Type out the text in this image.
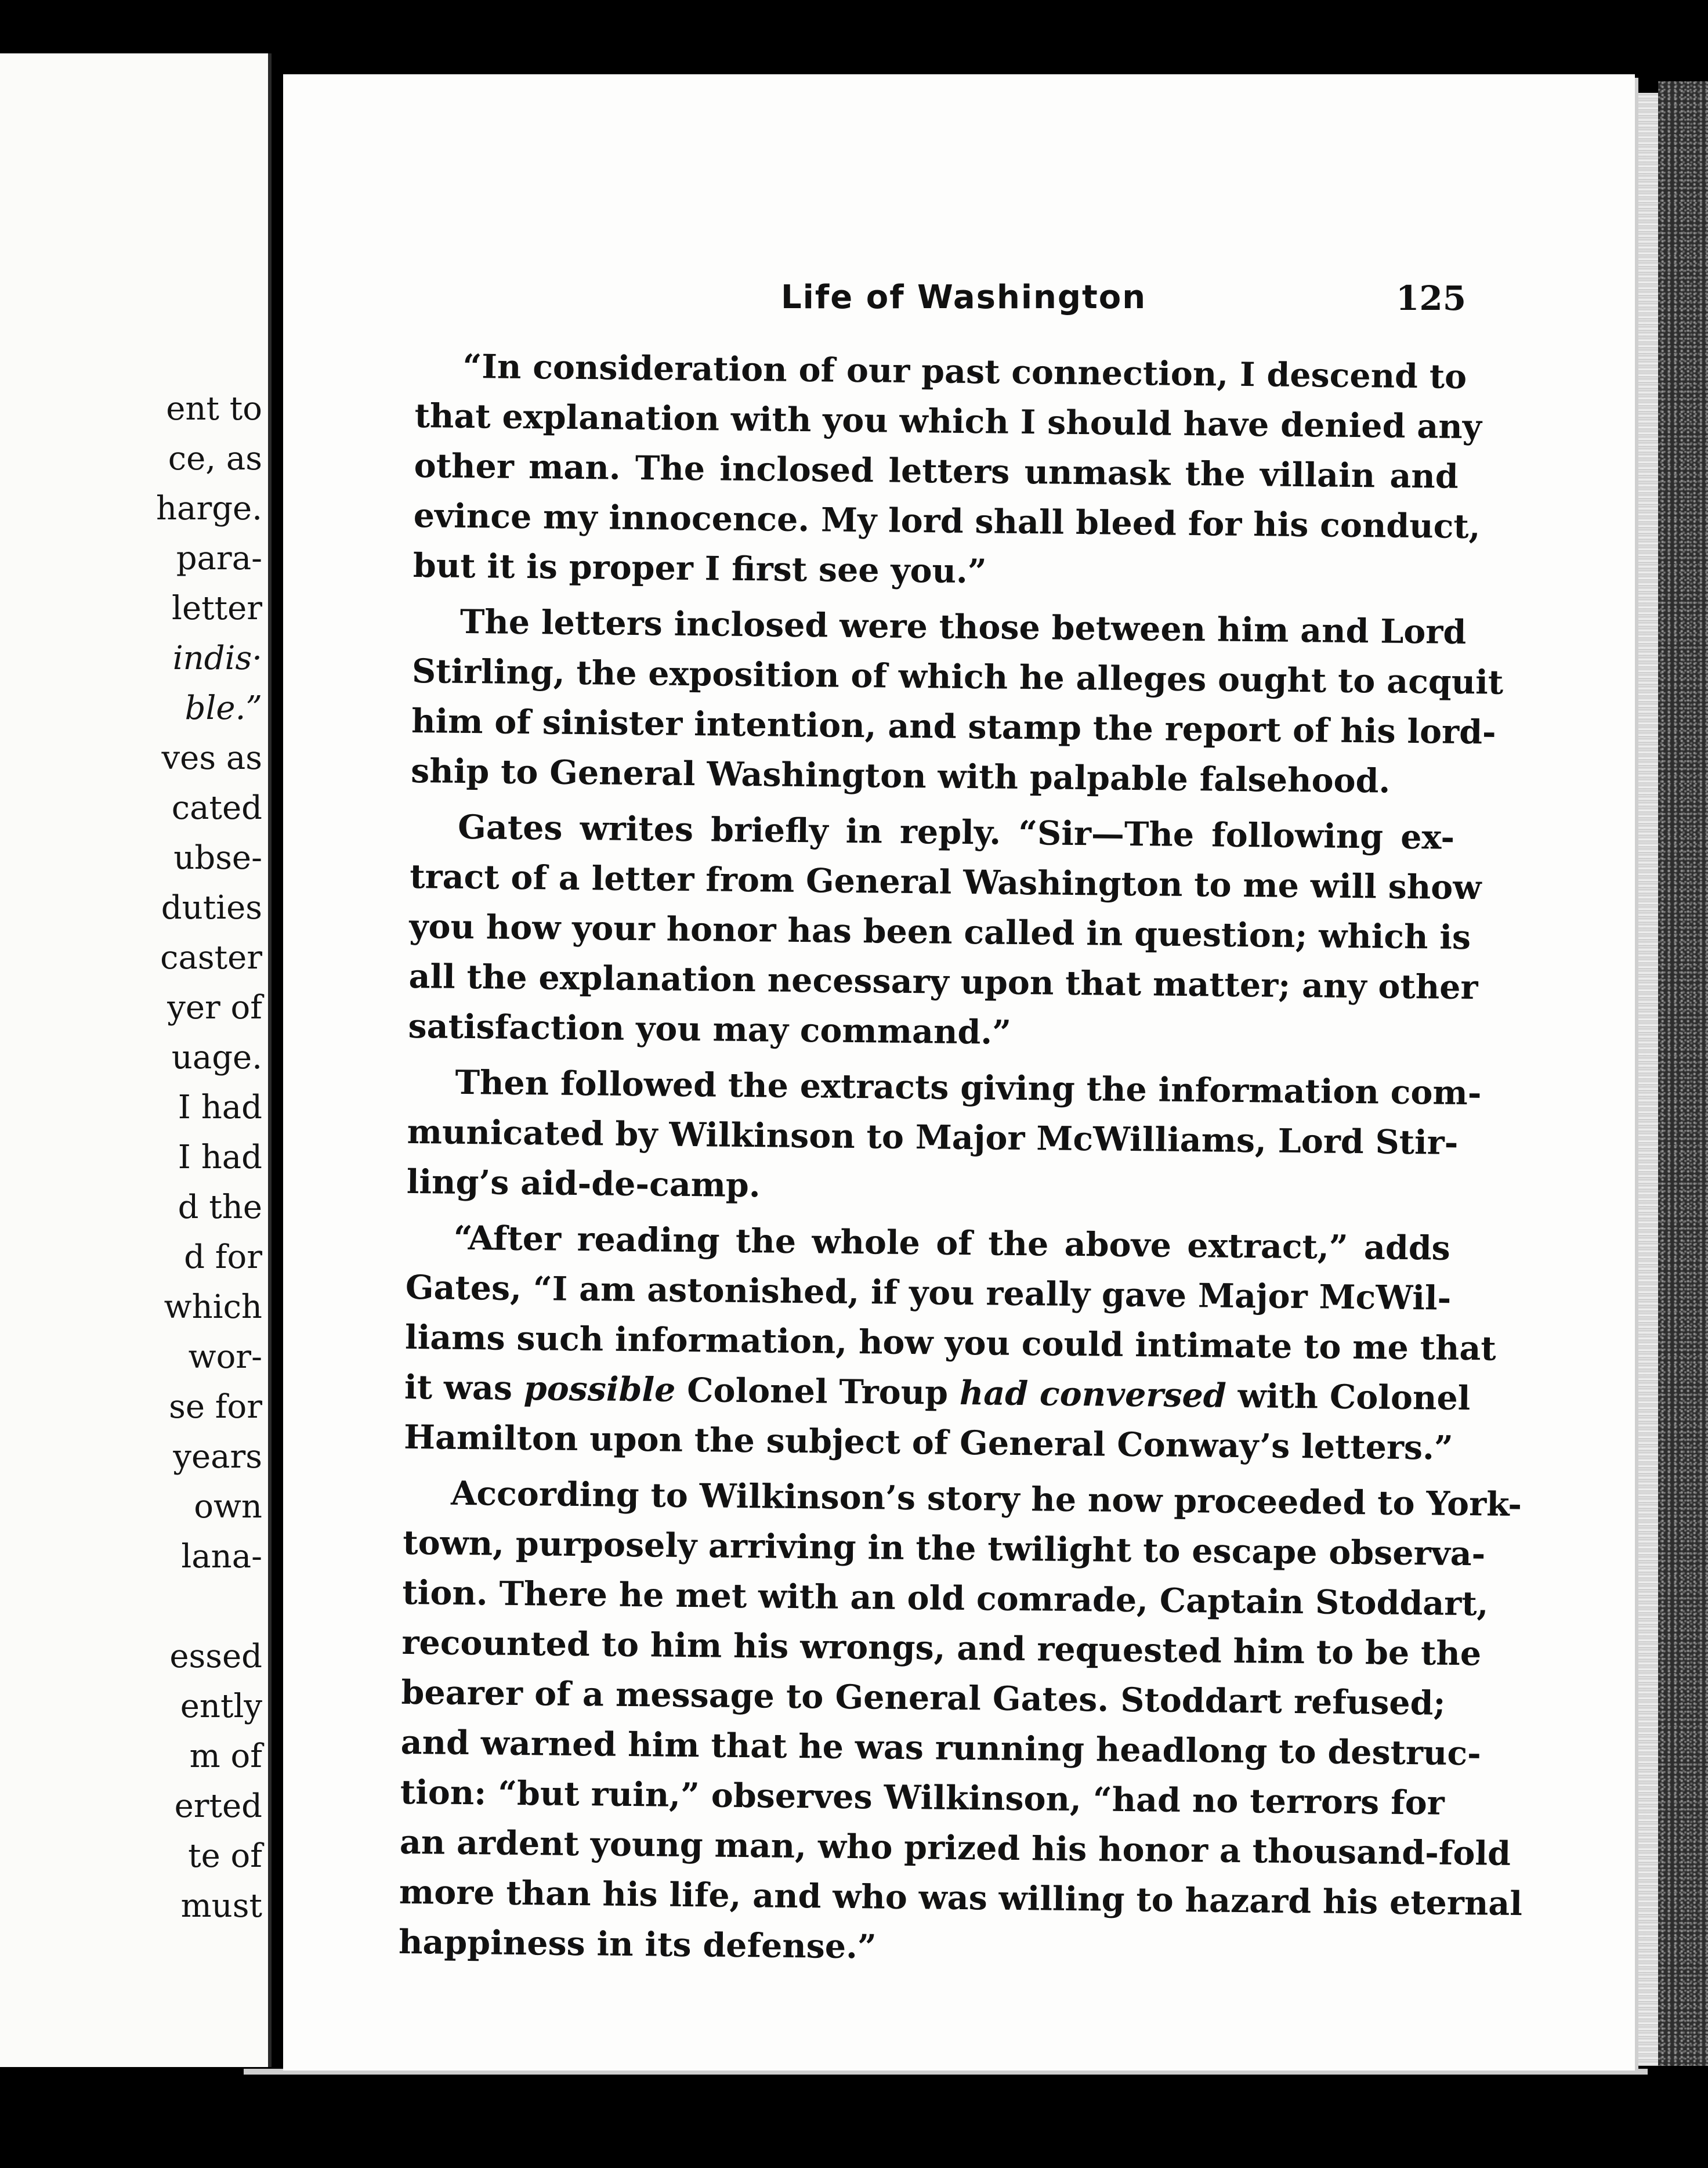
ent to
ce, as
harge.
para-
letter
indis·
ble.”
ves as
cated
ubse-
duties
caster
yer of
uage.
I had
I had
d the
d for
which
wor-
se for
years
own
lana-
essed
ently
m of
erted
te of
must
Life of Washington	125
“In consideration of our past connection, I descend to
that explanation with you which I should have denied any
other man. The inclosed letters unmask the villain and
evince my innocence. My lord shall bleed for his conduct,
but it is proper I first see you.”
The letters inclosed were those between him and Lord
Stirling, the exposition of which he alleges ought to acquit
him of sinister intention, and stamp the report of his lord-
ship to General Washington with palpable falsehood.
Gates writes briefly in reply. “Sir—The following ex-
tract of a letter from General Washington to me will show
you how your honor has been called in question; which is
all the explanation necessary upon that matter; any other
satisfaction you may command.”
Then followed the extracts giving the information com-
municated by Wilkinson to Major McWilliams, Lord Stir-
ling’s aid-de-camp.
“After reading the whole of the above extract,” adds
Gates, “I am astonished, if you really gave Major McWil-
liams such information, how you could intimate to me that
it was possible Colonel Troup had conversed with Colonel
Hamilton upon the subject of General Conway’s letters.”
According to Wilkinson’s story he now proceeded to York-
town, purposely arriving in the twilight to escape observa-
tion. There he met with an old comrade, Captain Stoddart,
recounted to him his wrongs, and requested him to be the
bearer of a message to General Gates. Stoddart refused;
and warned him that he was running headlong to destruc-
tion: “but ruin,” observes Wilkinson, “had no terrors for
an ardent young man, who prized his honor a thousand-fold
more than his life, and who was willing to hazard his eternal
happiness in its defense.”
